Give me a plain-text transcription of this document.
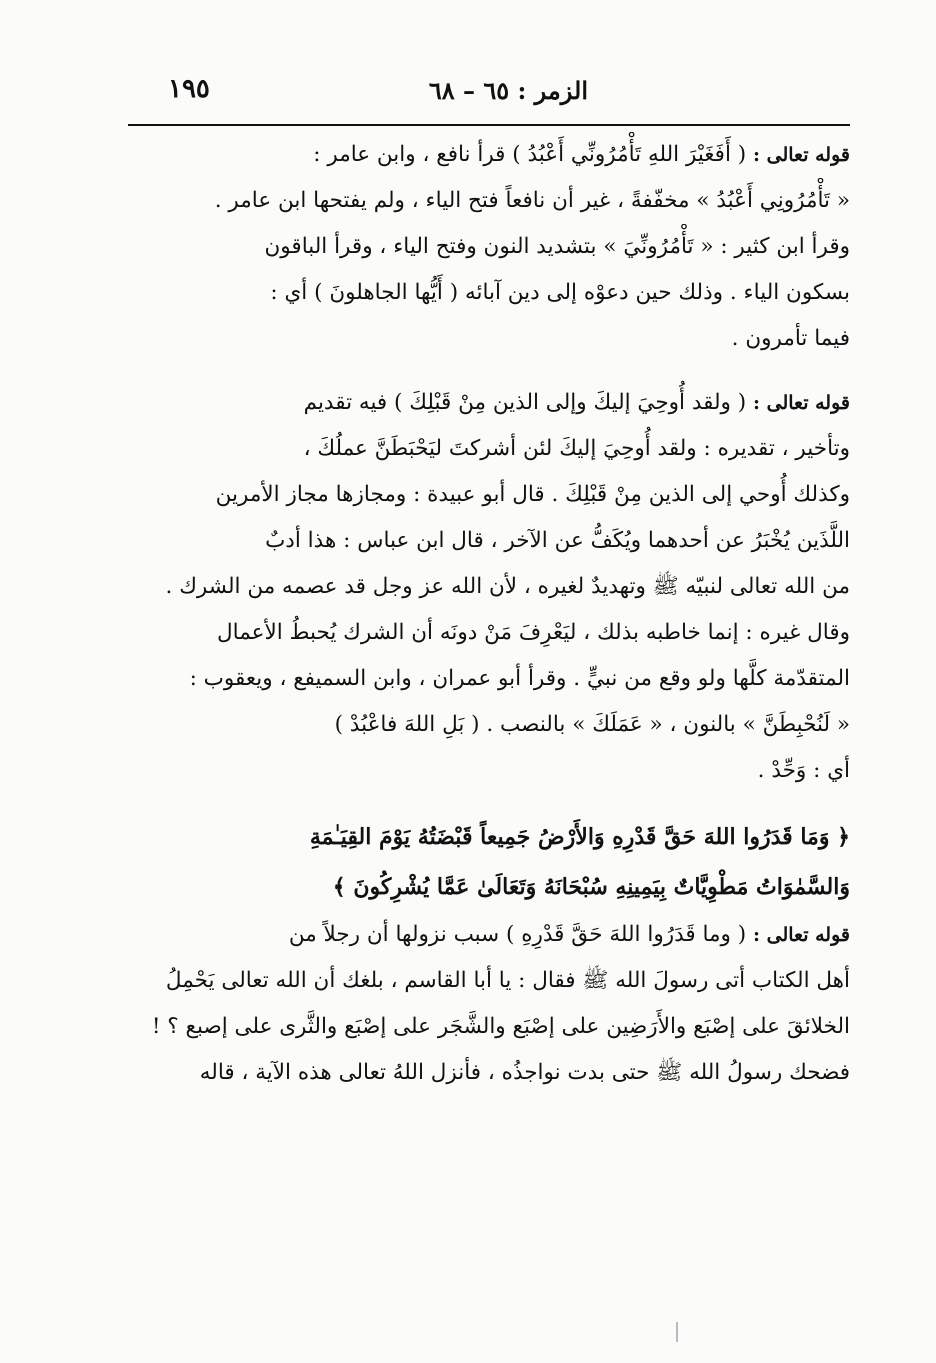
الزمر : ٦٥ – ٦٨
١٩٥

قوله تعالى : ( أَفَغَيْرَ اللهِ تَأْمُرُونِّي أَعْبُدُ ) قرأ نافع ، وابن عامر :

« تَأْمُرُونِي أَعْبُدُ » مخفّفةً ، غير أن نافعاً فتح الياء ، ولم يفتحها ابن عامر .

وقرأ ابن كثير : « تَأْمُرُونِّيَ » بتشديد النون وفتح الياء ، وقرأ الباقون

بسكون الياء . وذلك حين دعوْه إلى دين آبائه ( أَيُّها الجاهلونَ ) أي :

فيما تأمرون .

قوله تعالى : ( ولقد أُوحِيَ إليكَ وإلى الذين مِنْ قَبْلِكَ ) فيه تقديم

وتأخير ، تقديره : ولقد أُوحِيَ إليكَ لئن أشركتَ ليَحْبَطَنَّ عملُكَ ،

وكذلك أُوحي إلى الذين مِنْ قَبْلِكَ . قال أبو عبيدة : ومجازها مجاز الأمرين

اللَّذَين يُخْبَرُ عن أحدهما ويُكَفُّ عن الآخر ، قال ابن عباس : هذا أدبٌ

من الله تعالى لنبيّه ﷺ وتهديدٌ لغيره ، لأن الله عز وجل قد عصمه من الشرك .

وقال غيره : إنما خاطبه بذلك ، ليَعْرِفَ مَنْ دونَه أن الشرك يُحبطُ الأعمال

المتقدّمة كلَّها ولو وقع من نبيٍّ . وقرأ أبو عمران ، وابن السميفع ، ويعقوب :

« لَنُحْبِطَنَّ » بالنون ، « عَمَلَكَ » بالنصب . ( بَلِ اللهَ فاعْبُدْ )

أي : وَحِّدْ .

﴿ وَمَا قَدَرُوا اللهَ حَقَّ قَدْرِهِ وَالأَرْضُ جَمِيعاً قَبْضَتُهُ يَوْمَ القِيَـٰمَةِ
وَالسَّمٰوَاتُ مَطْوِيَّاتٌ بِيَمِينِهِ سُبْحَانَهُ وَتَعَالَىٰ عَمَّا يُشْرِكُونَ ﴾

قوله تعالى : ( وما قَدَرُوا اللهَ حَقَّ قَدْرِهِ ) سبب نزولها أن رجلاً من

أهل الكتاب أتى رسولَ الله ﷺ فقال : يا أبا القاسم ، بلغك أن الله تعالى يَحْمِلُ

الخلائقَ على إصْبَع والأَرَضِين على إصْبَع والشَّجَر على إصْبَع والثَّرى على إصبع ؟ !

فضحك رسولُ الله ﷺ حتى بدت نواجذُه ، فأنزل اللهُ تعالى هذه الآية ، قاله
